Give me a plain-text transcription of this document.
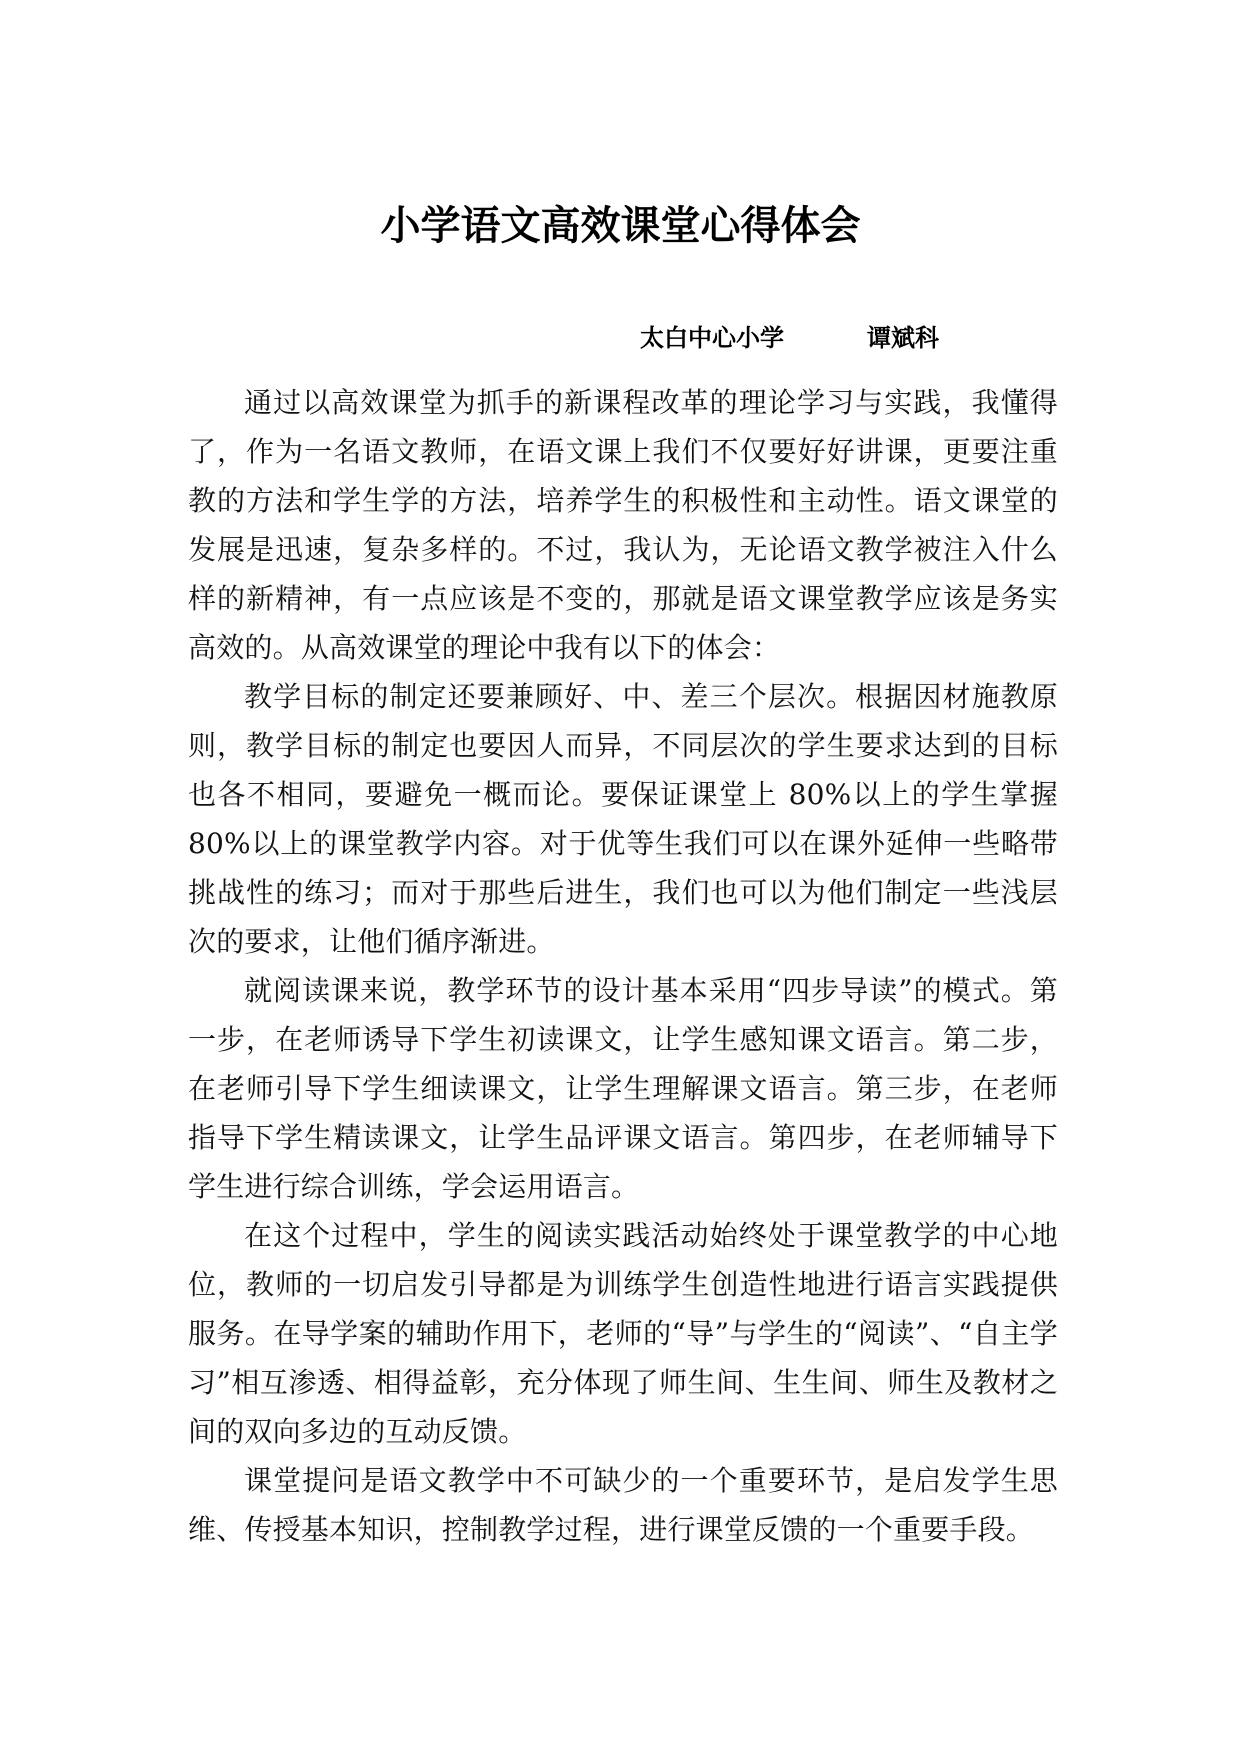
小学语文高效课堂心得体会
太白中心小学	谭斌科

通过以高效课堂为抓手的新课程改革的理论学习与实践，我懂得了，作为一名语文教师，在语文课上我们不仅要好好讲课，更要注重教的方法和学生学的方法，培养学生的积极性和主动性。语文课堂的发展是迅速，复杂多样的。不过，我认为，无论语文教学被注入什么样的新精神，有一点应该是不变的，那就是语文课堂教学应该是务实高效的。从高效课堂的理论中我有以下的体会：

教学目标的制定还要兼顾好、中、差三个层次。根据因材施教原则，教学目标的制定也要因人而异，不同层次的学生要求达到的目标也各不相同，要避免一概而论。要保证课堂上 80%以上的学生掌握80%以上的课堂教学内容。对于优等生我们可以在课外延伸一些略带挑战性的练习；而对于那些后进生，我们也可以为他们制定一些浅层次的要求，让他们循序渐进。

就阅读课来说，教学环节的设计基本采用“四步导读”的模式。第一步，在老师诱导下学生初读课文，让学生感知课文语言。第二步，在老师引导下学生细读课文，让学生理解课文语言。第三步，在老师指导下学生精读课文，让学生品评课文语言。第四步，在老师辅导下学生进行综合训练，学会运用语言。

在这个过程中，学生的阅读实践活动始终处于课堂教学的中心地位，教师的一切启发引导都是为训练学生创造性地进行语言实践提供服务。在导学案的辅助作用下，老师的“导”与学生的“阅读”、“自主学习”相互渗透、相得益彰，充分体现了师生间、生生间、师生及教材之间的双向多边的互动反馈。

课堂提问是语文教学中不可缺少的一个重要环节，是启发学生思维、传授基本知识，控制教学过程，进行课堂反馈的一个重要手段。
